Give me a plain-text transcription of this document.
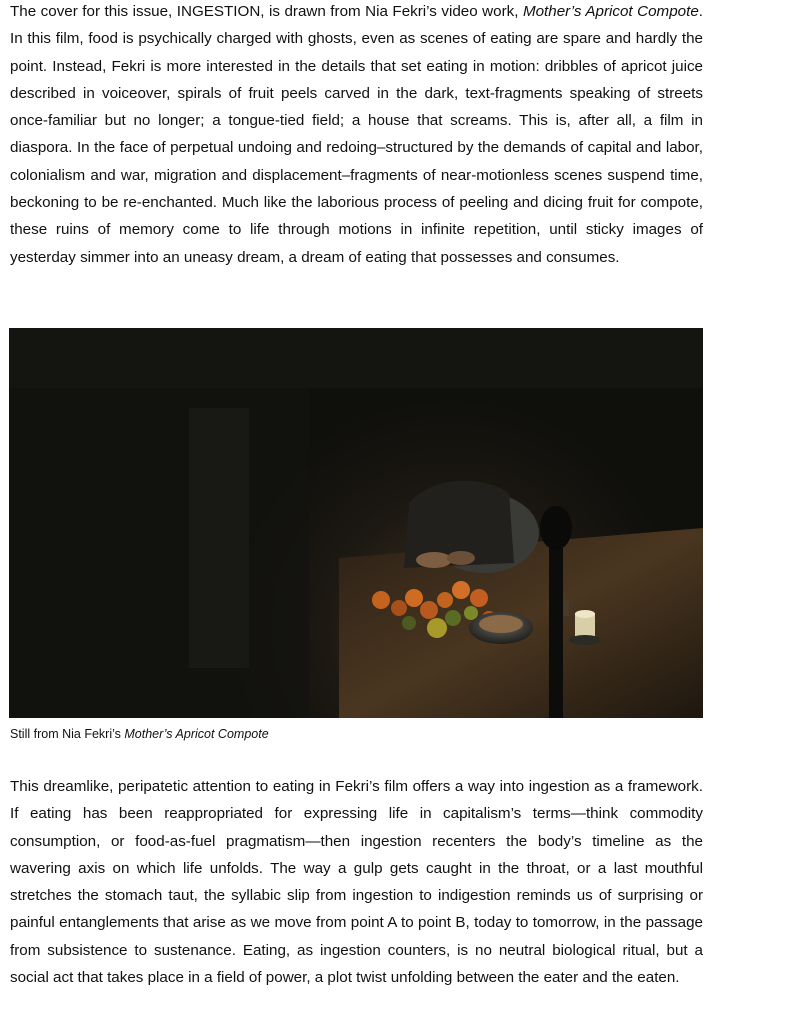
The cover for this issue, INGESTION, is drawn from Nia Fekri’s video work, Mother’s Apricot Compote. In this film, food is psychically charged with ghosts, even as scenes of eating are spare and hardly the point. Instead, Fekri is more interested in the details that set eating in motion: dribbles of apricot juice described in voiceover, spirals of fruit peels carved in the dark, text-fragments speaking of streets once-familiar but no longer; a tongue-tied field; a house that screams. This is, after all, a film in diaspora. In the face of perpetual undoing and redoing–structured by the demands of capital and labor, colonialism and war, migration and displacement–fragments of near-motionless scenes suspend time, beckoning to be re-enchanted. Much like the laborious process of peeling and dicing fruit for compote, these ruins of memory come to life through motions in infinite repetition, until sticky images of yesterday simmer into an uneasy dream, a dream of eating that possesses and consumes.

Still from Nia Fekri’s Mother’s Apricot Compote

This dreamlike, peripatetic attention to eating in Fekri’s film offers a way into ingestion as a framework. If eating has been reappropriated for expressing life in capitalism’s terms—think commodity consumption, or food-as-fuel pragmatism—then ingestion recenters the body’s timeline as the wavering axis on which life unfolds. The way a gulp gets caught in the throat, or a last mouthful stretches the stomach taut, the syllabic slip from ingestion to indigestion reminds us of surprising or painful entanglements that arise as we move from point A to point B, today to tomorrow, in the passage from subsistence to sustenance. Eating, as ingestion counters, is no neutral biological ritual, but a social act that takes place in a field of power, a plot twist unfolding between the eater and the eaten.
